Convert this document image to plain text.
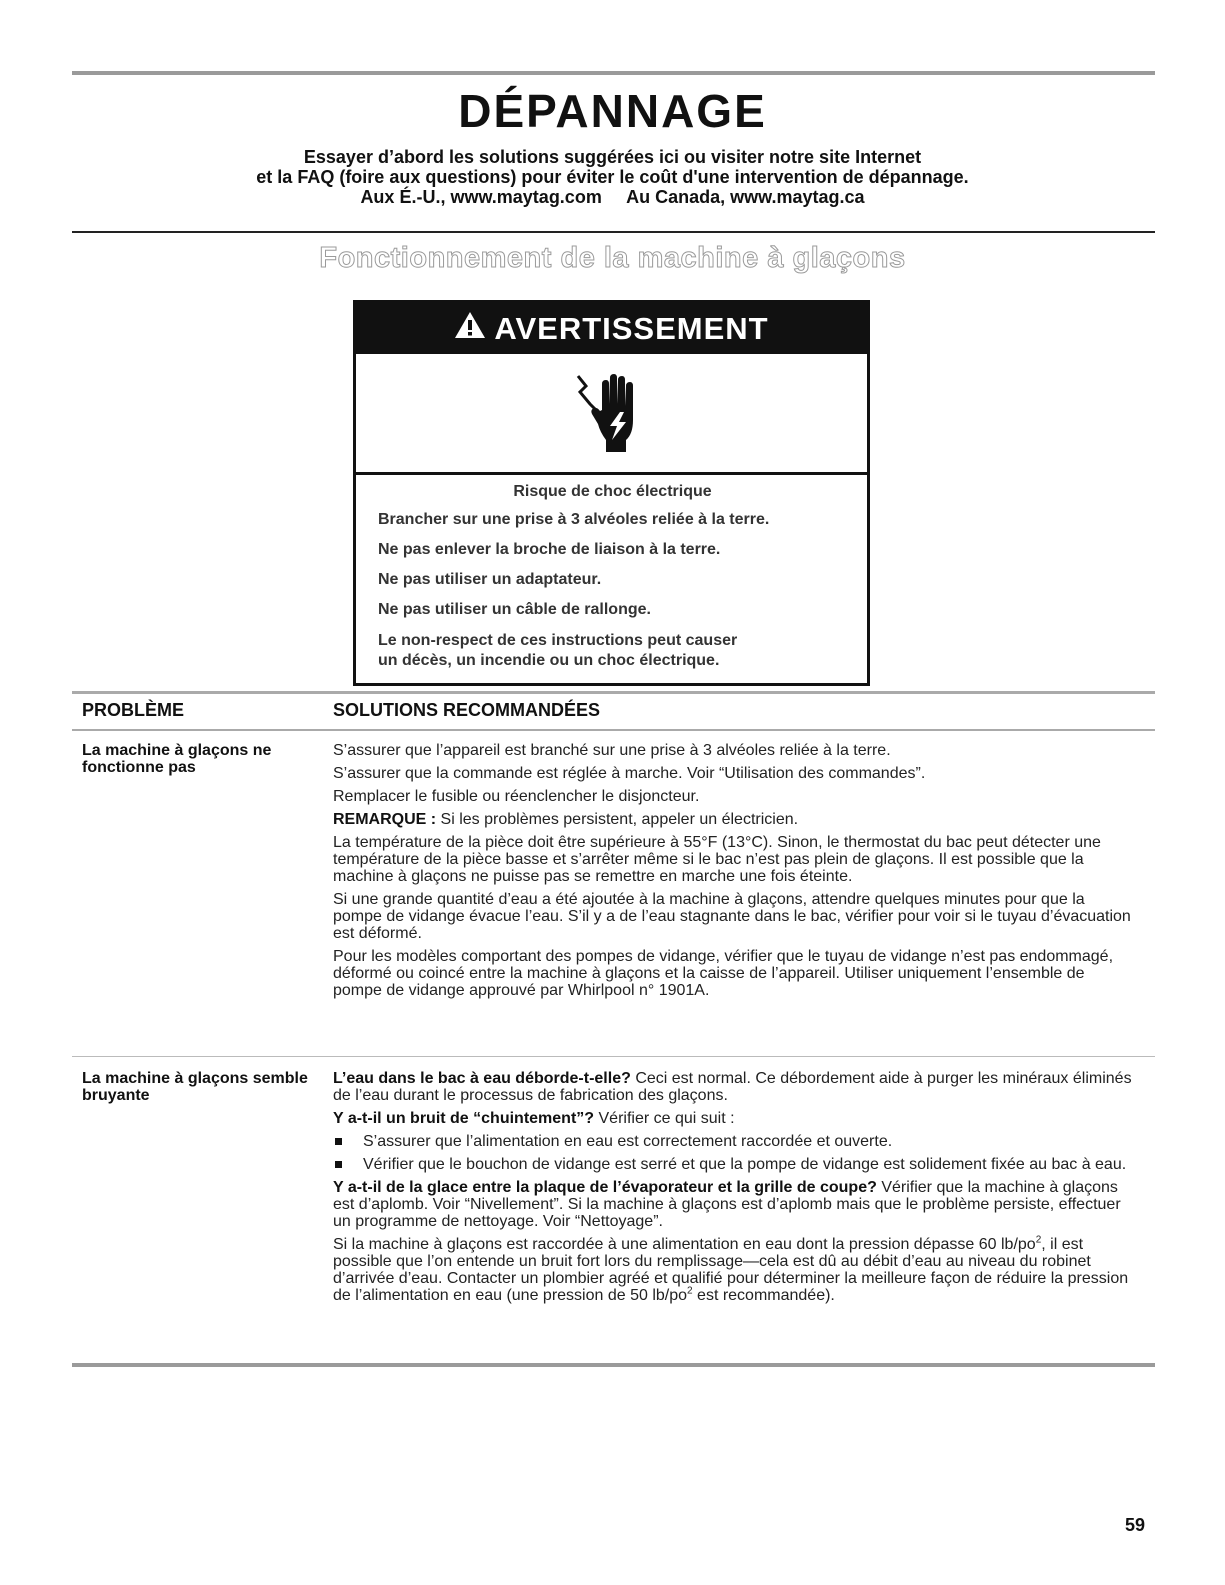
DÉPANNAGE
Essayer d’abord les solutions suggérées ici ou visiter notre site Internet
et la FAQ (foire aux questions) pour éviter le coût d'une intervention de dépannage.
Aux É.-U., www.maytag.com     Au Canada, www.maytag.ca
Fonctionnement de la machine à glaçons
AVERTISSEMENT
Risque de choc électrique
Brancher sur une prise à 3 alvéoles reliée à la terre.
Ne pas enlever la broche de liaison à la terre.
Ne pas utiliser un adaptateur.
Ne pas utiliser un câble de rallonge.
Le non-respect de ces instructions peut causer
un décès, un incendie ou un choc électrique.
PROBLÈME	SOLUTIONS RECOMMANDÉES
La machine à glaçons ne fonctionne pas

S’assurer que l’appareil est branché sur une prise à 3 alvéoles reliée à la terre.

S’assurer que la commande est réglée à marche. Voir “Utilisation des commandes”.

Remplacer le fusible ou réenclencher le disjoncteur.

REMARQUE : Si les problèmes persistent, appeler un électricien.

La température de la pièce doit être supérieure à 55°F (13°C). Sinon, le thermostat du bac peut détecter une température de la pièce basse et s’arrêter même si le bac n’est pas plein de glaçons. Il est possible que la machine à glaçons ne puisse pas se remettre en marche une fois éteinte.

Si une grande quantité d’eau a été ajoutée à la machine à glaçons, attendre quelques minutes pour que la pompe de vidange évacue l’eau. S’il y a de l’eau stagnante dans le bac, vérifier pour voir si le tuyau d’évacuation est déformé.

Pour les modèles comportant des pompes de vidange, vérifier que le tuyau de vidange n’est pas endommagé, déformé ou coincé entre la machine à glaçons et la caisse de l’appareil. Utiliser uniquement l’ensemble de pompe de vidange approuvé par Whirlpool n° 1901A.

La machine à glaçons semble bruyante

L’eau dans le bac à eau déborde-t-elle? Ceci est normal. Ce débordement aide à purger les minéraux éliminés de l’eau durant le processus de fabrication des glaçons.

Y a-t-il un bruit de “chuintement”? Vérifier ce qui suit :

S’assurer que l’alimentation en eau est correctement raccordée et ouverte.
Vérifier que le bouchon de vidange est serré et que la pompe de vidange est solidement fixée au bac à eau.

Y a-t-il de la glace entre la plaque de l’évaporateur et la grille de coupe? Vérifier que la machine à glaçons est d’aplomb. Voir “Nivellement”. Si la machine à glaçons est d’aplomb mais que le problème persiste, effectuer un programme de nettoyage. Voir “Nettoyage”.

Si la machine à glaçons est raccordée à une alimentation en eau dont la pression dépasse 60 $lb/po^2$, il est possible que l’on entende un bruit fort lors du remplissage—cela est dû au débit d’eau au niveau du robinet d’arrivée d’eau. Contacter un plombier agréé et qualifié pour déterminer la meilleure façon de réduire la pression de l’alimentation en eau (une pression de 50 $lb/po^2$ est recommandée).

59
